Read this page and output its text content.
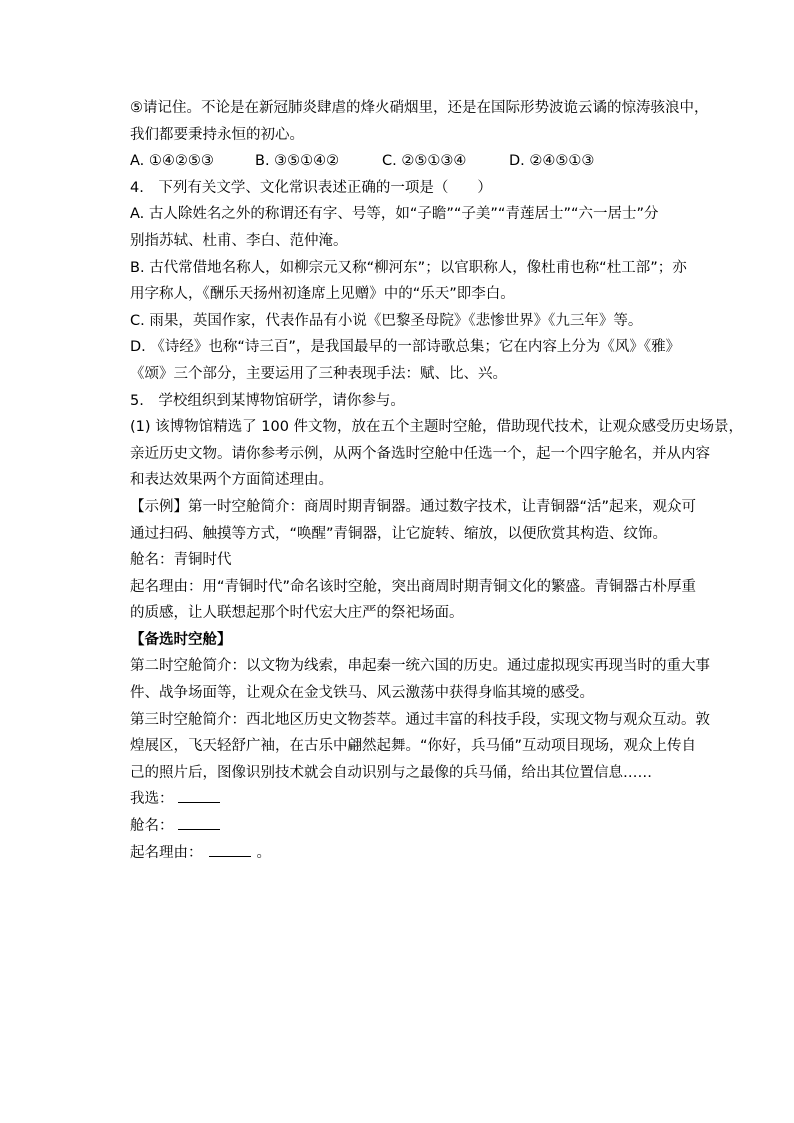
⑤请记住。不论是在新冠肺炎肆虐的烽火硝烟里，还是在国际形势波诡云谲的惊涛骇浪中，
我们都要秉持永恒的初心。
A. ①④②⑤③	B. ③⑤①④②	C. ②⑤①③④	D. ②④⑤①③
4.　下列有关文学、文化常识表述正确的一项是（　　）
A. 古人除姓名之外的称谓还有字、号等，如“子瞻”“子美”“青莲居士”“六一居士”分
别指苏轼、杜甫、李白、范仲淹。
B. 古代常借地名称人，如柳宗元又称“柳河东”；以官职称人，像杜甫也称“杜工部”；亦
用字称人，《酬乐天扬州初逢席上见赠》中的“乐天”即李白。
C. 雨果，英国作家，代表作品有小说《巴黎圣母院》《悲惨世界》《九三年》等。
D. 《诗经》也称“诗三百”，是我国最早的一部诗歌总集；它在内容上分为《风》《雅》
《颂》三个部分，主要运用了三种表现手法：赋、比、兴。
5.　学校组织到某博物馆研学，请你参与。
(1) 该博物馆精选了 100 件文物，放在五个主题时空舱，借助现代技术，让观众感受历史场景，
亲近历史文物。请你参考示例，从两个备选时空舱中任选一个，起一个四字舱名，并从内容
和表达效果两个方面简述理由。
【示例】第一时空舱简介：商周时期青铜器。通过数字技术，让青铜器“活”起来，观众可
通过扫码、触摸等方式，“唤醒”青铜器，让它旋转、缩放，以便欣赏其构造、纹饰。
舱名：青铜时代
起名理由：用“青铜时代”命名该时空舱，突出商周时期青铜文化的繁盛。青铜器古朴厚重
的质感，让人联想起那个时代宏大庄严的祭祀场面。
【备选时空舱】
第二时空舱简介：以文物为线索，串起秦一统六国的历史。通过虚拟现实再现当时的重大事
件、战争场面等，让观众在金戈铁马、风云激荡中获得身临其境的感受。
第三时空舱简介：西北地区历史文物荟萃。通过丰富的科技手段，实现文物与观众互动。敦
煌展区，飞天轻舒广袖，在古乐中翩然起舞。“你好，兵马俑”互动项目现场，观众上传自
己的照片后，图像识别技术就会自动识别与之最像的兵马俑，给出其位置信息……
我选：
舱名：
起名理由：	。
